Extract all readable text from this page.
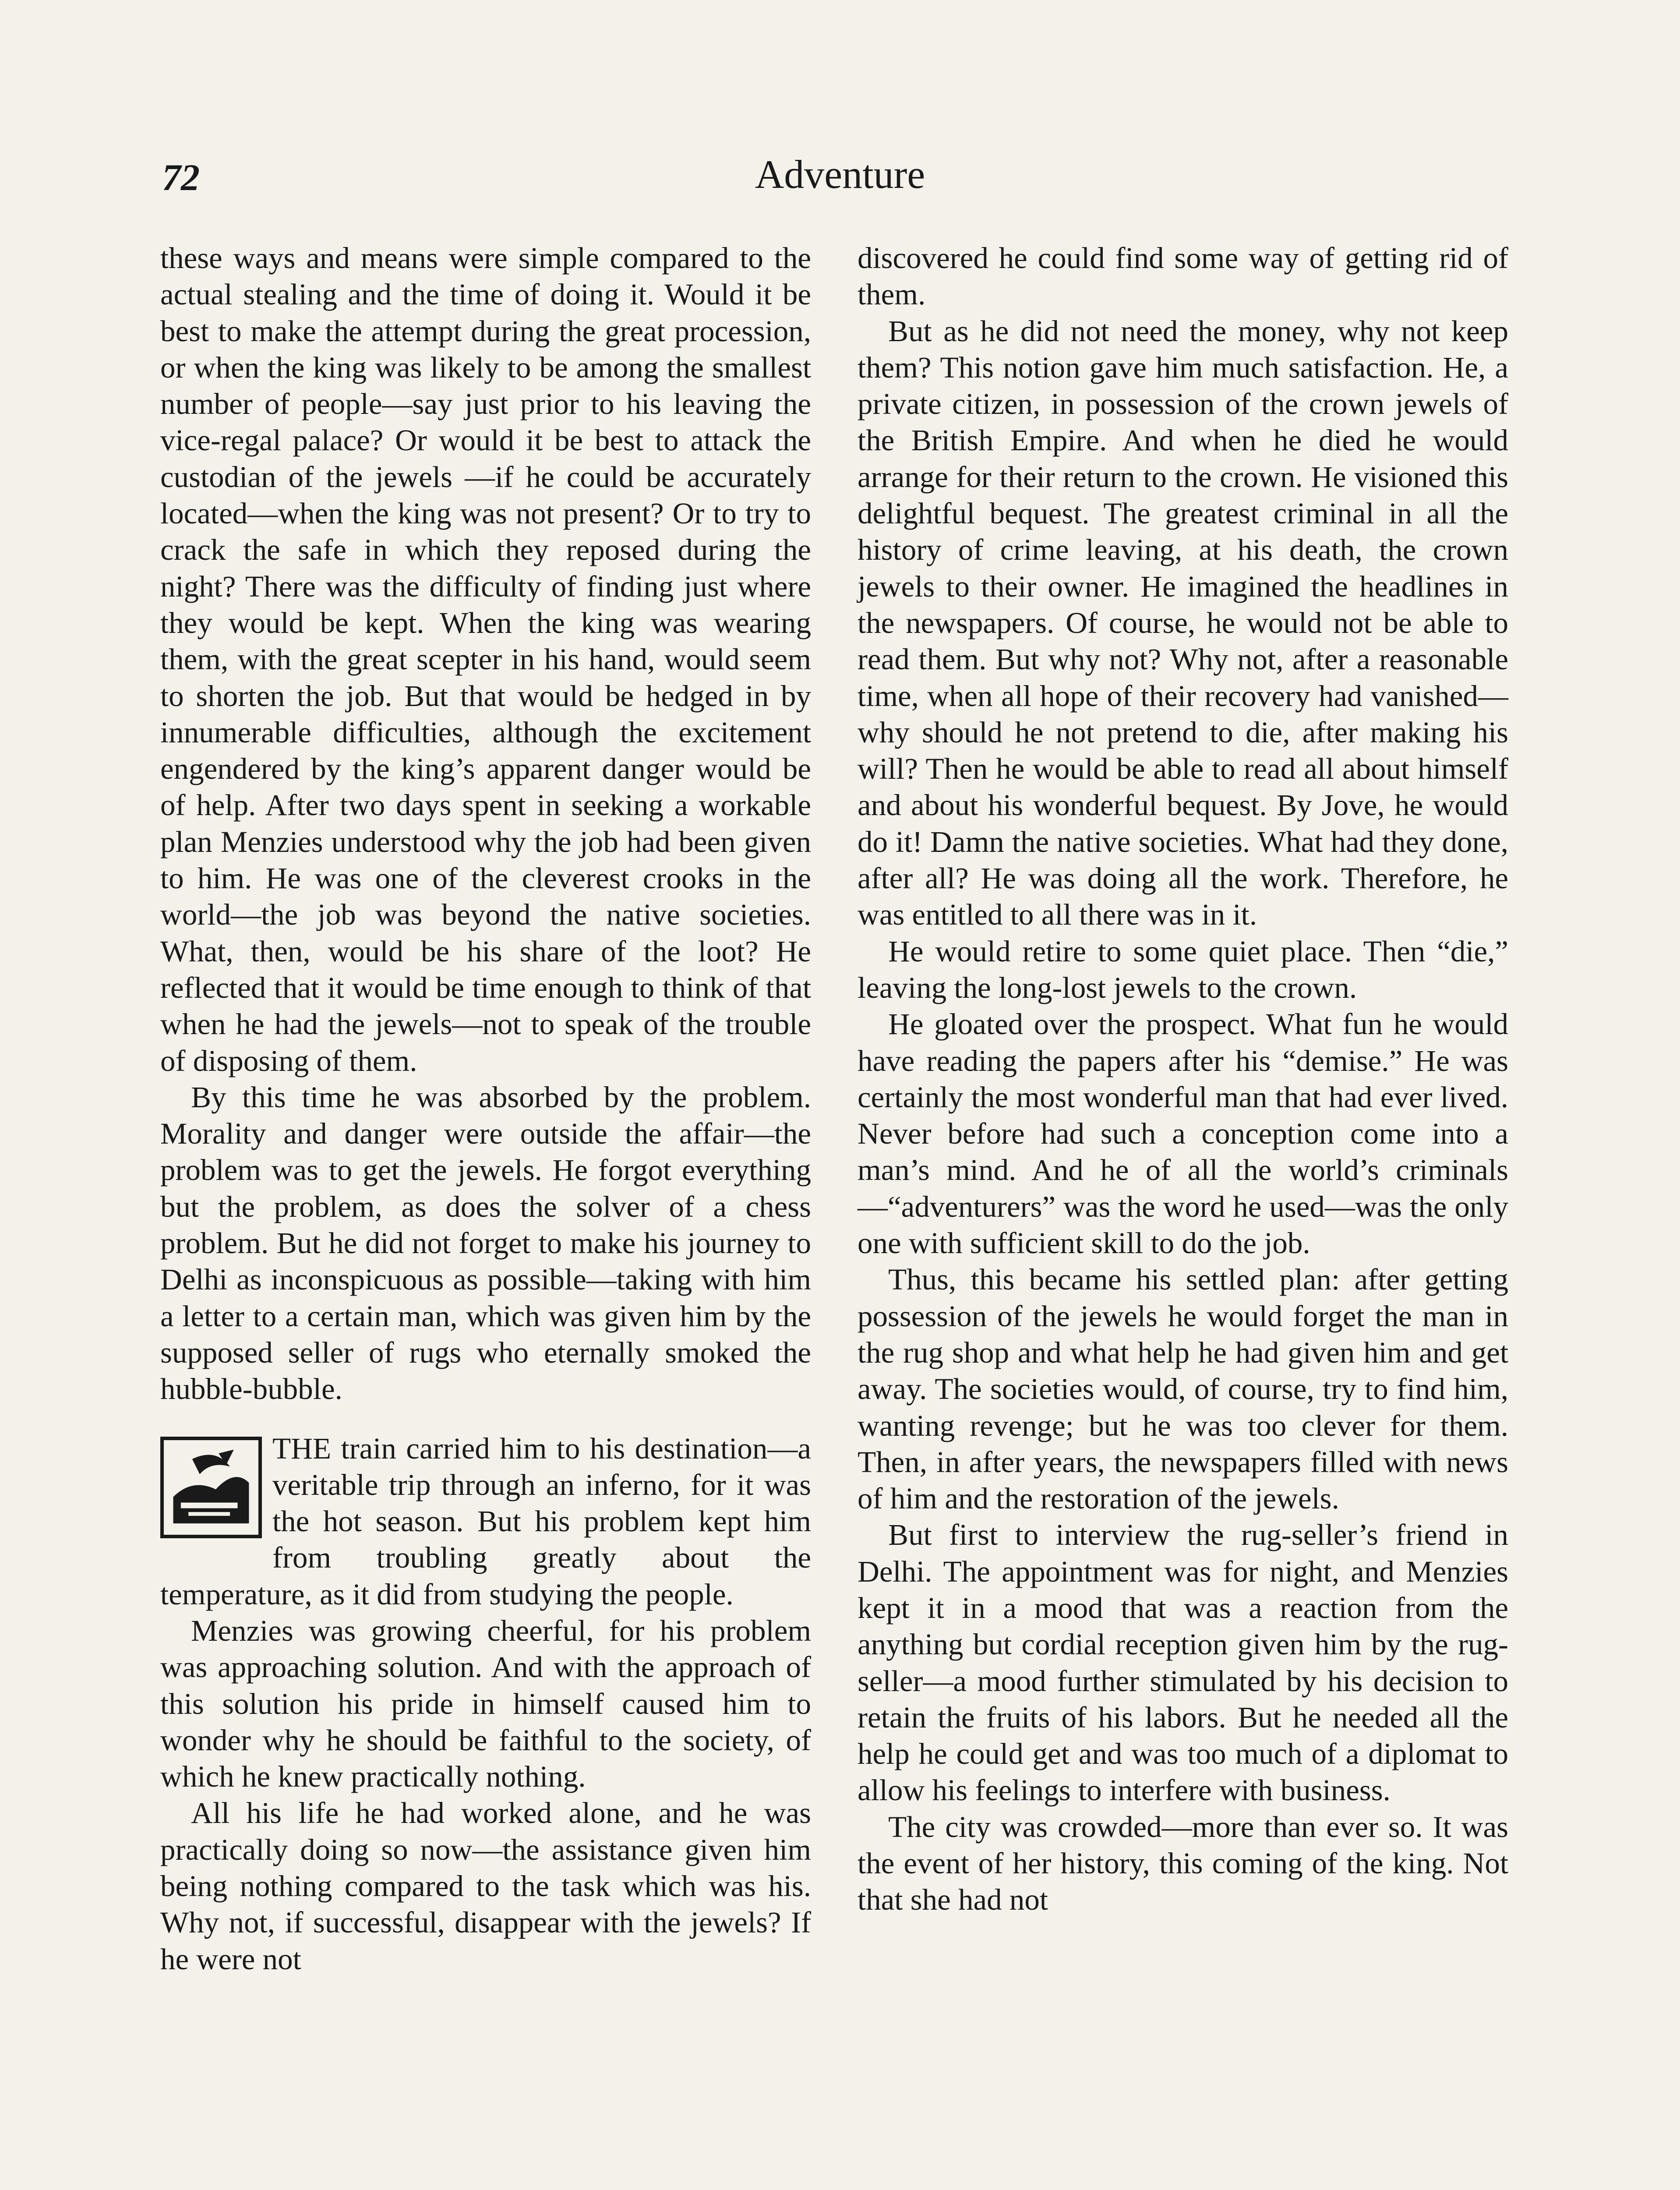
72	Adventure

these ways and means were simple compared to the actual stealing and the time of doing it. Would it be best to make the attempt during the great procession, or when the king was likely to be among the smallest number of people—say just prior to his leaving the vice-regal palace? Or would it be best to attack the custodian of the jewels —if he could be accurately located—when the king was not present? Or to try to crack the safe in which they reposed during the night? There was the difficulty of finding just where they would be kept. When the king was wearing them, with the great scepter in his hand, would seem to shorten the job. But that would be hedged in by innumerable difficulties, although the excitement engendered by the king’s apparent danger would be of help. After two days spent in seeking a workable plan Menzies understood why the job had been given to him. He was one of the cleverest crooks in the world—the job was beyond the native societies. What, then, would be his share of the loot? He reflected that it would be time enough to think of that when he had the jewels—not to speak of the trouble of disposing of them.

By this time he was absorbed by the problem. Morality and danger were outside the affair—the problem was to get the jewels. He forgot everything but the problem, as does the solver of a chess problem. But he did not forget to make his journey to Delhi as inconspicuous as possible—taking with him a letter to a certain man, which was given him by the supposed seller of rugs who eternally smoked the hubble-bubble.

THE train carried him to his destination—a veritable trip through an inferno, for it was the hot season. But his problem kept him from troubling greatly about the temperature, as it did from studying the people.

Menzies was growing cheerful, for his problem was approaching solution. And with the approach of this solution his pride in himself caused him to wonder why he should be faithful to the society, of which he knew practically nothing.

All his life he had worked alone, and he was practically doing so now—the assistance given him being nothing compared to the task which was his. Why not, if successful, disappear with the jewels? If he were not

discovered he could find some way of getting rid of them.

But as he did not need the money, why not keep them? This notion gave him much satisfaction. He, a private citizen, in possession of the crown jewels of the British Empire. And when he died he would arrange for their return to the crown. He visioned this delightful bequest. The greatest criminal in all the history of crime leaving, at his death, the crown jewels to their owner. He imagined the headlines in the newspapers. Of course, he would not be able to read them. But why not? Why not, after a reasonable time, when all hope of their recovery had vanished—why should he not pretend to die, after making his will? Then he would be able to read all about himself and about his wonderful bequest. By Jove, he would do it! Damn the native societies. What had they done, after all? He was doing all the work. Therefore, he was entitled to all there was in it.

He would retire to some quiet place. Then “die,” leaving the long-lost jewels to the crown.

He gloated over the prospect. What fun he would have reading the papers after his “demise.” He was certainly the most wonderful man that had ever lived. Never before had such a conception come into a man’s mind. And he of all the world’s criminals—“adventurers” was the word he used—was the only one with sufficient skill to do the job.

Thus, this became his settled plan: after getting possession of the jewels he would forget the man in the rug shop and what help he had given him and get away. The societies would, of course, try to find him, wanting revenge; but he was too clever for them. Then, in after years, the newspapers filled with news of him and the restoration of the jewels.

But first to interview the rug-seller’s friend in Delhi. The appointment was for night, and Menzies kept it in a mood that was a reaction from the anything but cordial reception given him by the rug-seller—a mood further stimulated by his decision to retain the fruits of his labors. But he needed all the help he could get and was too much of a diplomat to allow his feelings to interfere with business.

The city was crowded—more than ever so. It was the event of her history, this coming of the king. Not that she had not
